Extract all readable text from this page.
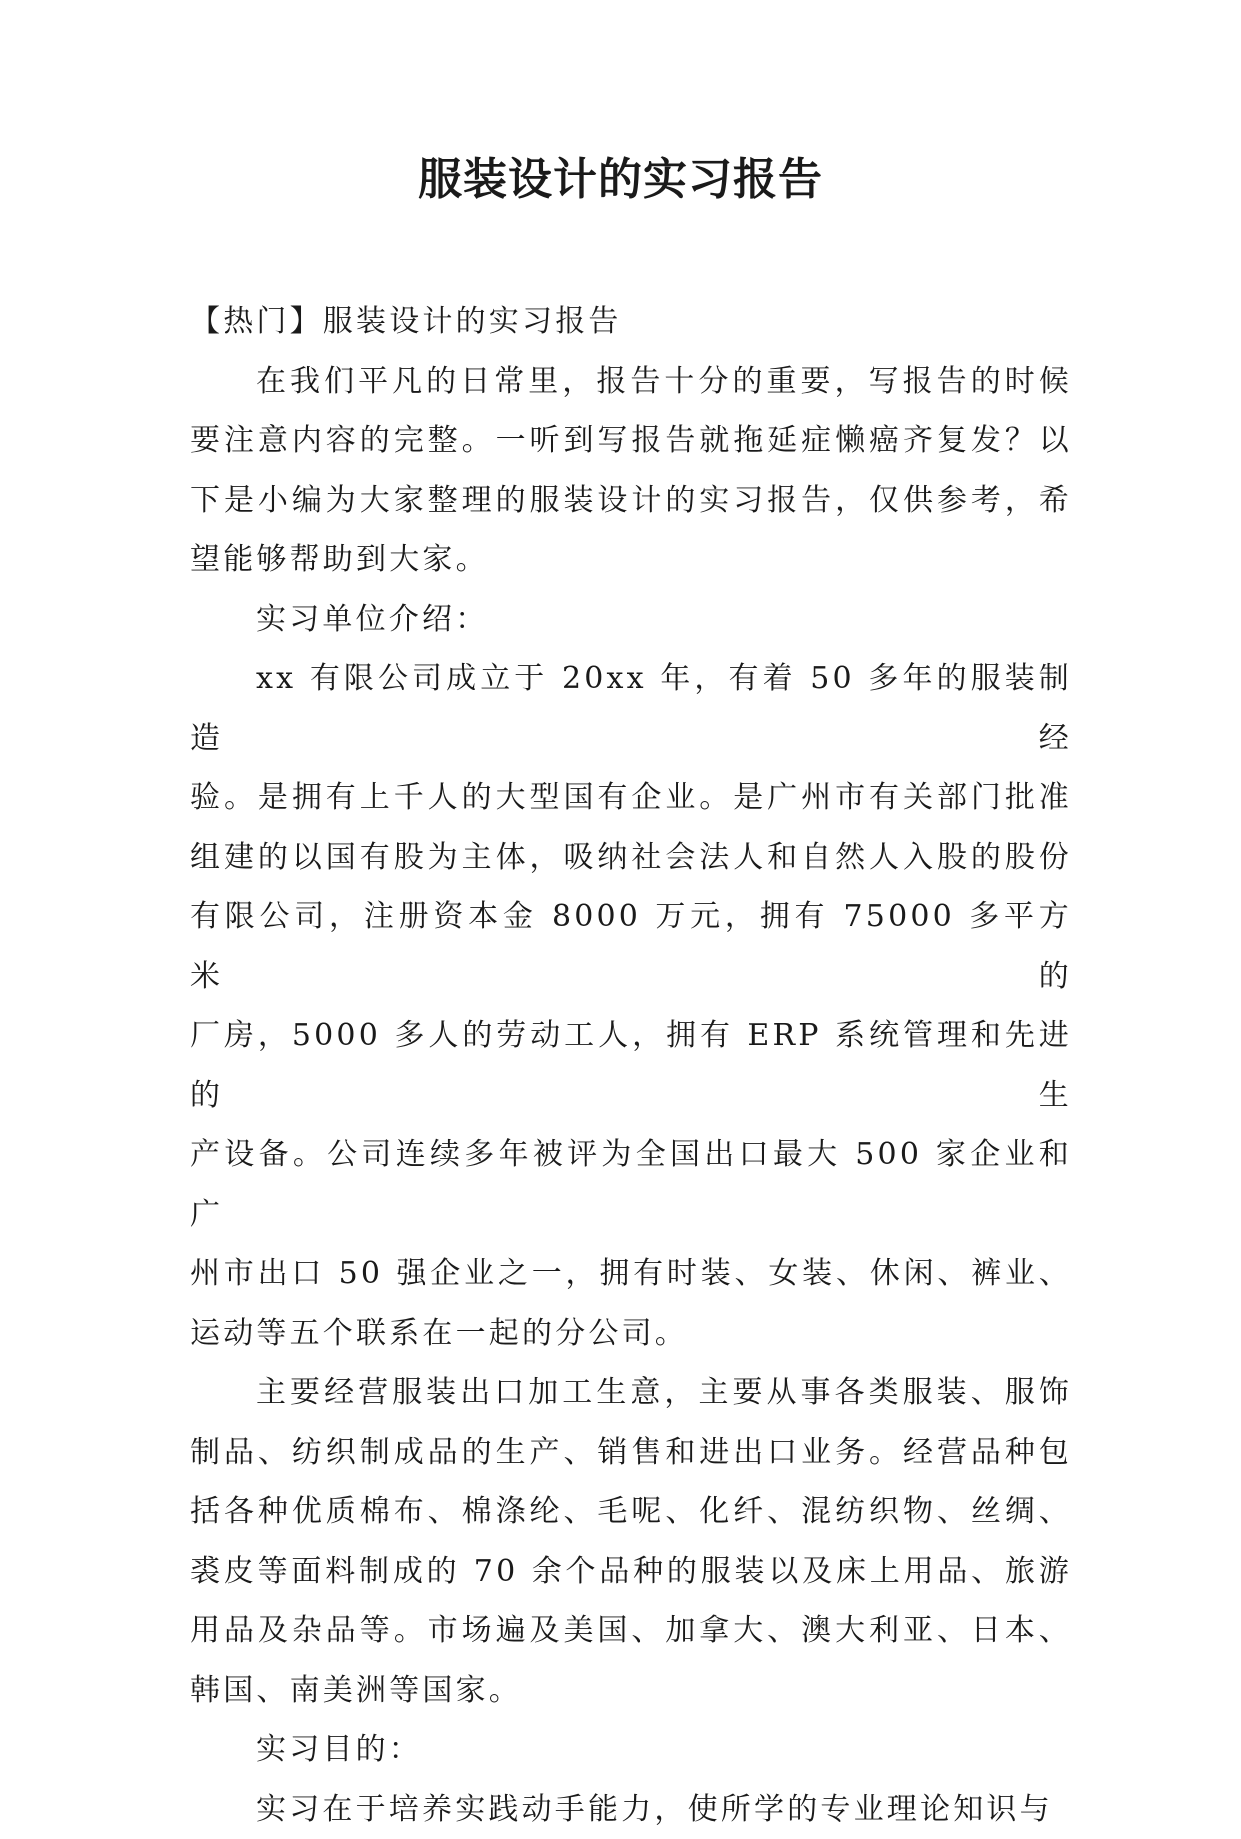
服装设计的实习报告

【热门】服装设计的实习报告

在我们平凡的日常里，报告十分的重要，写报告的时候

要注意内容的完整。一听到写报告就拖延症懒癌齐复发？以

下是小编为大家整理的服装设计的实习报告，仅供参考，希

望能够帮助到大家。

实习单位介绍：

xx 有限公司成立于 20xx 年，有着 50 多年的服装制造经

验。是拥有上千人的大型国有企业。是广州市有关部门批准

组建的以国有股为主体，吸纳社会法人和自然人入股的股份

有限公司，注册资本金 8000 万元，拥有 75000 多平方米的

厂房，5000 多人的劳动工人，拥有 ERP 系统管理和先进的生

产设备。公司连续多年被评为全国出口最大 500 家企业和广

州市出口 50 强企业之一，拥有时装、女装、休闲、裤业、

运动等五个联系在一起的分公司。

主要经营服装出口加工生意，主要从事各类服装、服饰

制品、纺织制成品的生产、销售和进出口业务。经营品种包

括各种优质棉布、棉涤纶、毛呢、化纤、混纺织物、丝绸、

裘皮等面料制成的 70 余个品种的服装以及床上用品、旅游

用品及杂品等。市场遍及美国、加拿大、澳大利亚、日本、

韩国、南美洲等国家。

实习目的：

实习在于培养实践动手能力，使所学的专业理论知识与
